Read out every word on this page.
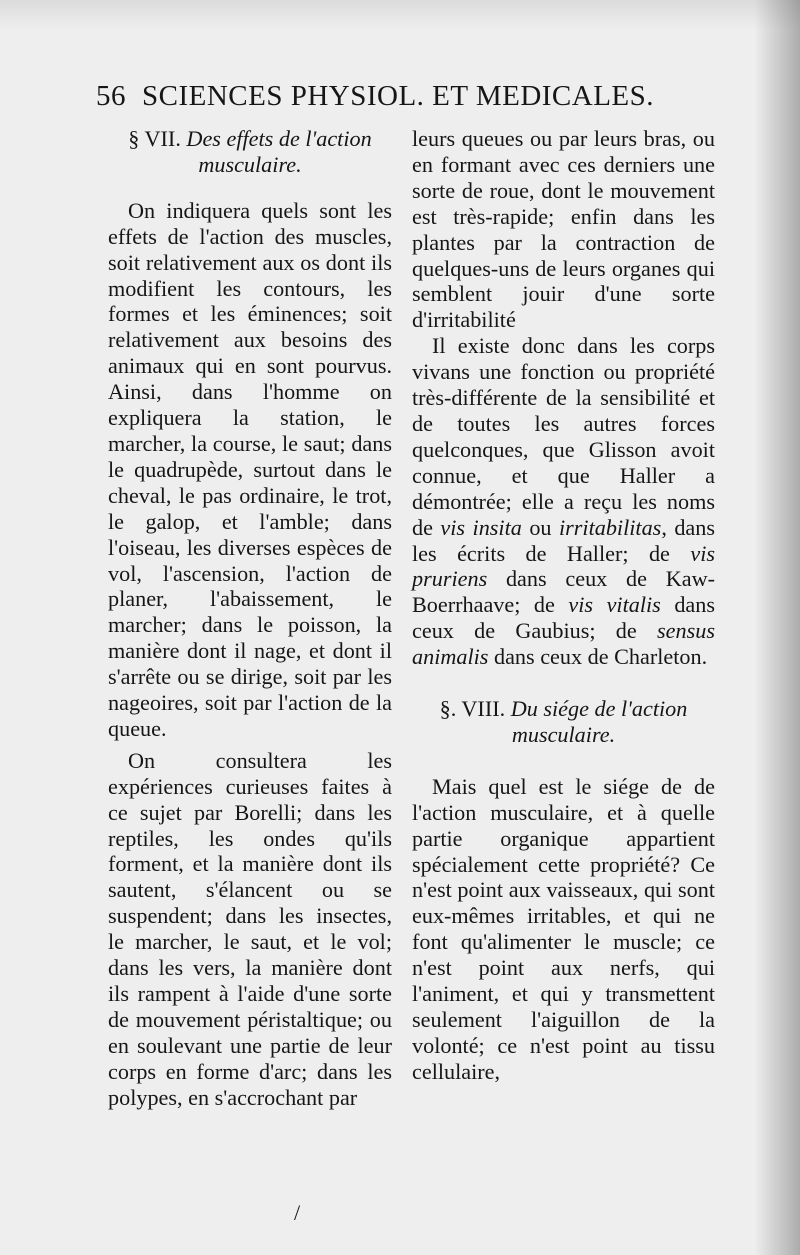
56 SCIENCES PHYSIOL. ET MEDICALES.
§ VII. Des effets de l'action
musculaire.

On indiquera quels sont les effets de l'action des muscles, soit relativement aux os dont ils modifient les contours, les formes et les éminences; soit relativement aux besoins des animaux qui en sont pourvus. Ainsi, dans l'homme on expliquera la station, le marcher, la course, le saut; dans le quadrupède, surtout dans le cheval, le pas ordinaire, le trot, le galop, et l'amble; dans l'oiseau, les diverses espèces de vol, l'ascension, l'action de planer, l'abaissement, le marcher; dans le poisson, la manière dont il nage, et dont il s'arrête ou se dirige, soit par les nageoires, soit par l'action de la queue.

On consultera les expériences curieuses faites à ce sujet par Borelli; dans les reptiles, les ondes qu'ils forment, et la manière dont ils sautent, s'élancent ou se suspendent; dans les insectes, le marcher, le saut, et le vol; dans les vers, la manière dont ils rampent à l'aide d'une sorte de mouvement péristaltique; ou en soulevant une partie de leur corps en forme d'arc; dans les polypes, en s'accrochant par

leurs queues ou par leurs bras, ou en formant avec ces derniers une sorte de roue, dont le mouvement est très-rapide; enfin dans les plantes par la contraction de quelques-uns de leurs organes qui semblent jouir d'une sorte d'irritabilité

Il existe donc dans les corps vivans une fonction ou propriété très-différente de la sensibilité et de toutes les autres forces quelconques, que Glisson avoit connue, et que Haller a démontrée; elle a reçu les noms de vis insita ou irritabilitas, dans les écrits de Haller; de vis pruriens dans ceux de Kaw-Boerrhaave; de vis vitalis dans ceux de Gaubius; de sensus animalis dans ceux de Charleton.

§. VIII. Du siége de l'action
musculaire.

Mais quel est le siége de de l'action musculaire, et à quelle partie organique appartient spécialement cette propriété? Ce n'est point aux vaisseaux, qui sont eux-mêmes irritables, et qui ne font qu'alimenter le muscle; ce n'est point aux nerfs, qui l'animent, et qui y transmettent seulement l'aiguillon de la volonté; ce n'est point au tissu cellulaire,

/
